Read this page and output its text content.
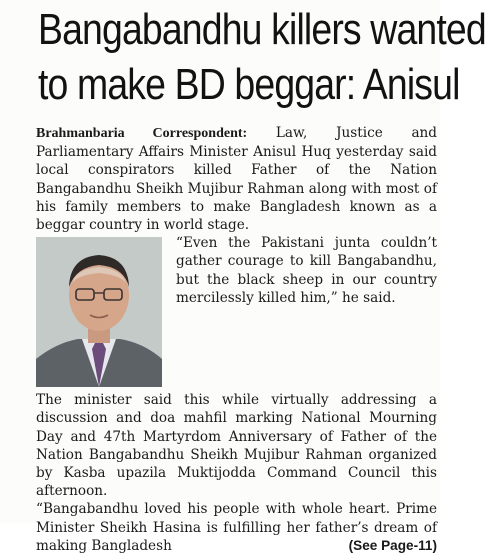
Bangabandhu killers wanted
to make BD beggar: Anisul

Brahmanbaria Correspondent: Law, Justice and Parliamentary Affairs Minister Anisul Huq yesterday said local conspirators killed Father of the Nation Bangabandhu Sheikh Mujibur Rahman along with most of his family members to make Bangladesh known as a beggar country in world stage.

“Even the Pakistani junta couldn’t gather courage to kill Bangabandhu, but the black sheep in our country mercilessly killed him,” he said.

The minister said this while virtually addressing a discussion and doa mahfil marking National Mourning Day and 47th Martyrdom Anniversary of Father of the Nation Bangabandhu Sheikh Mujibur Rahman organized by Kasba upazila Muktijodda Command Council this afternoon.

“Bangabandhu loved his people with whole heart. Prime Minister Sheikh Hasina is fulfilling her father’s dream of making Bangladesh	(See Page-11)
